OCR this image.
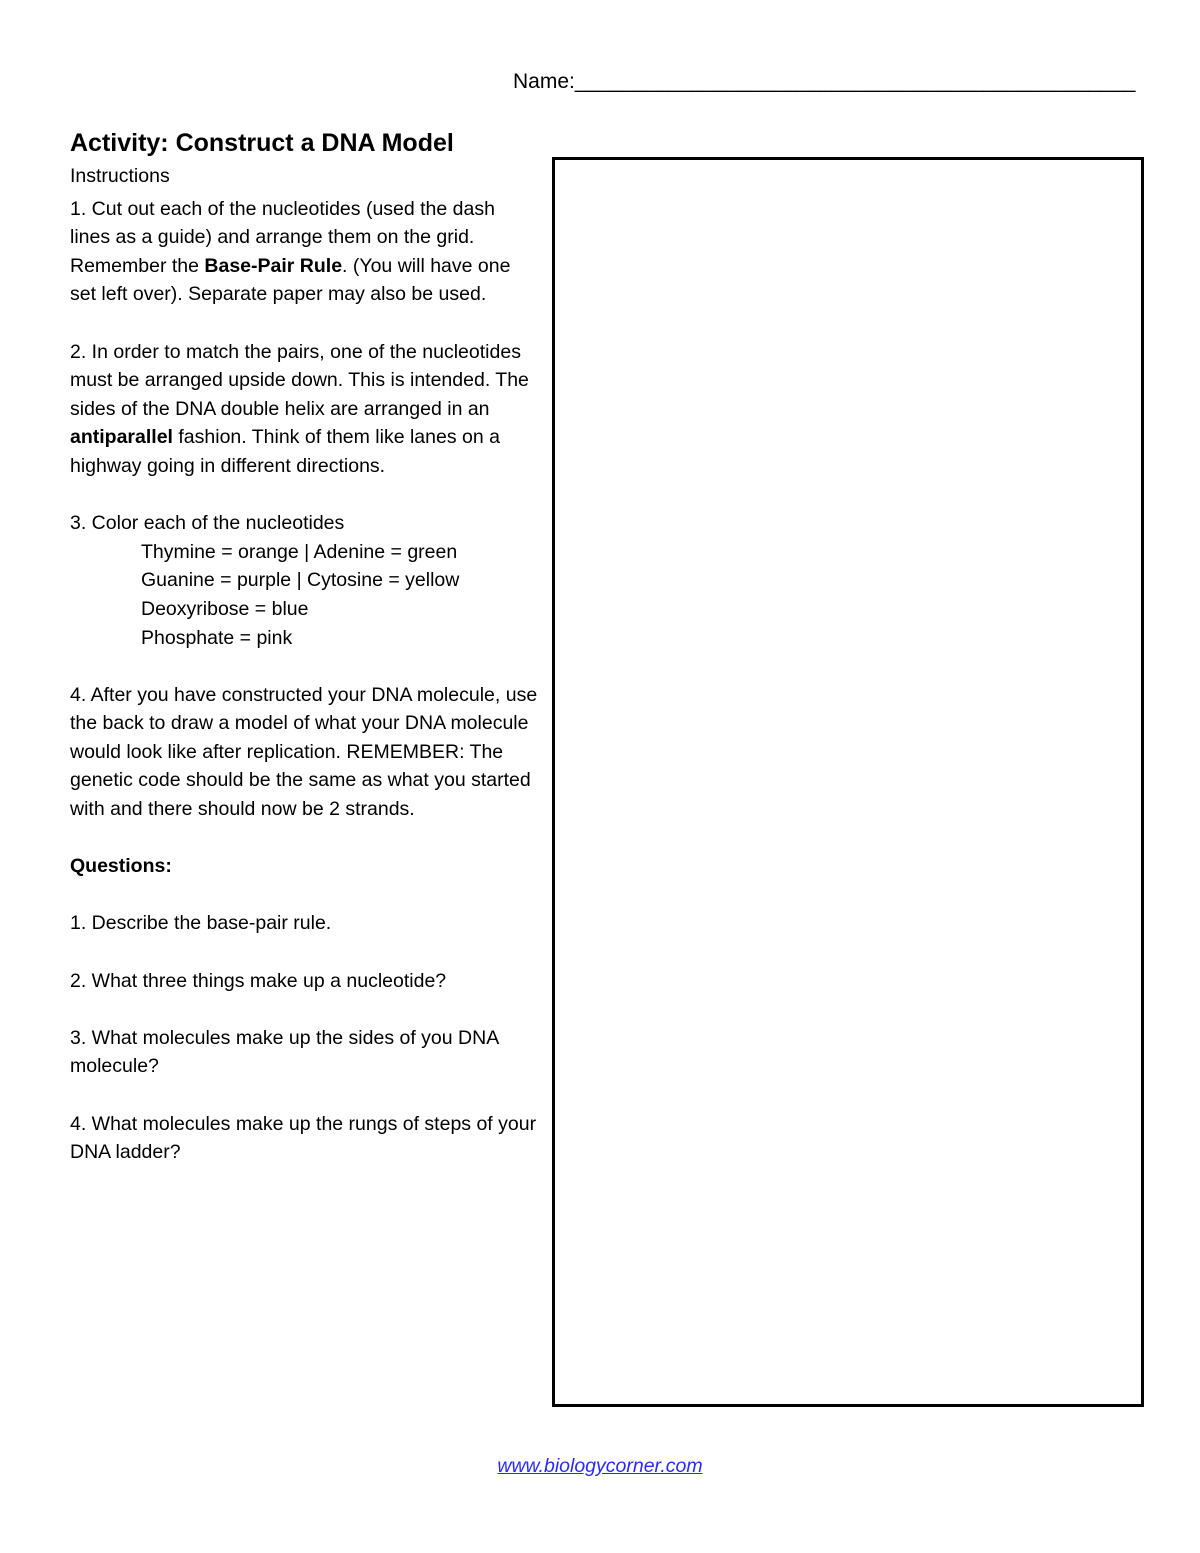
Name:________________________________________________
Activity: Construct a DNA Model

Instructions

1. Cut out each of the nucleotides (used the dash lines as a guide) and arrange them on the grid. Remember the Base-Pair Rule. (You will have one set left over). Separate paper may also be used.

2. In order to match the pairs, one of the nucleotides must be arranged upside down. This is intended. The sides of the DNA double helix are arranged in an antiparallel fashion. Think of them like lanes on a highway going in different directions.

3. Color each of the nucleotides

Thymine = orange | Adenine = green

Guanine = purple | Cytosine = yellow

Deoxyribose = blue

Phosphate = pink

4. After you have constructed your DNA molecule, use the back to draw a model of what your DNA molecule would look like after replication. REMEMBER: The genetic code should be the same as what you started with and there should now be 2 strands.

Questions:

1. Describe the base-pair rule.

2. What three things make up a nucleotide?

3. What molecules make up the sides of you DNA molecule?

4. What molecules make up the rungs of steps of your DNA ladder?

www.biologycorner.com
